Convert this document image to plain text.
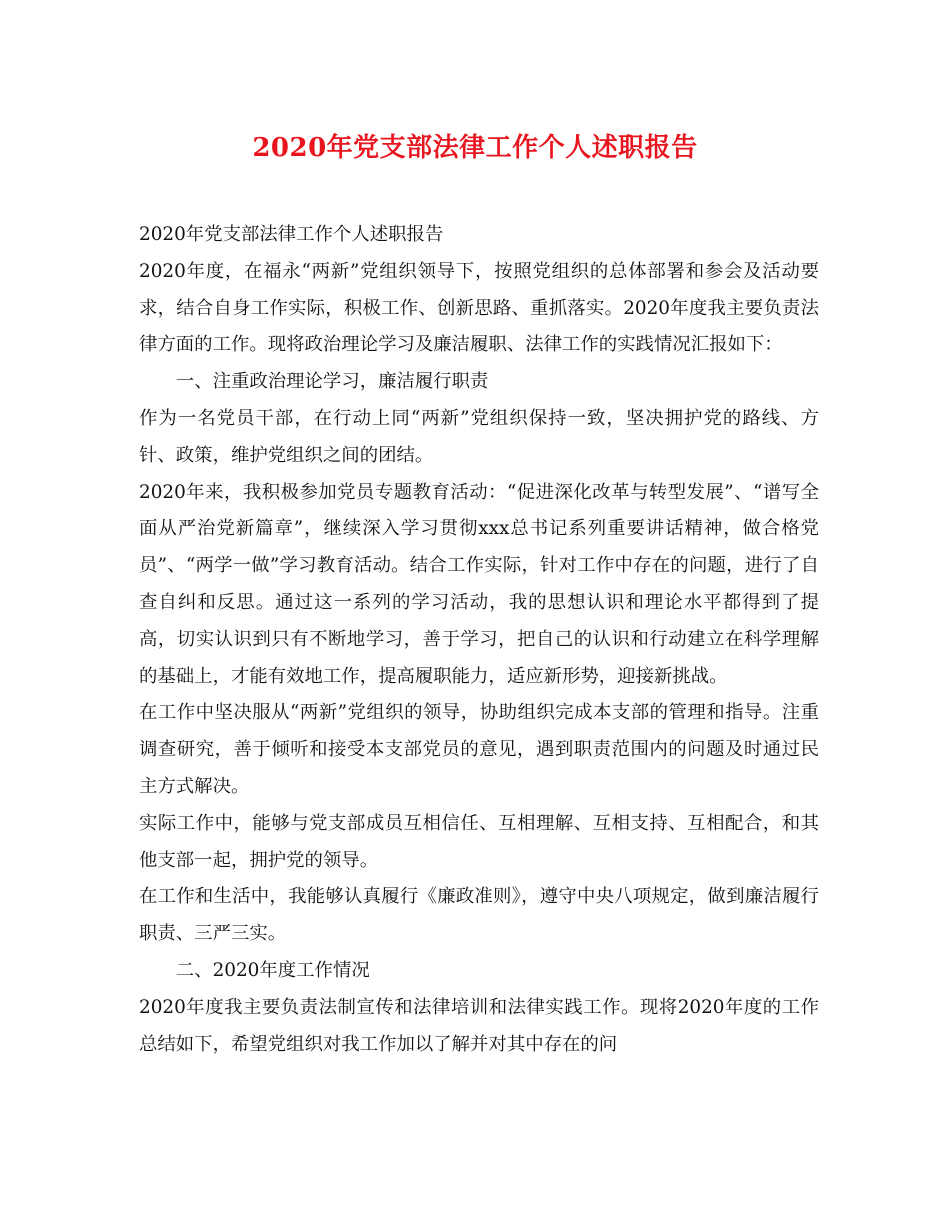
2020年党支部法律工作个人述职报告

2020年党支部法律工作个人述职报告

2020年度，在福永“两新”党组织领导下，按照党组织的总体部署和参会及活动要求，结合自身工作实际，积极工作、创新思路、重抓落实。2020年度我主要负责法律方面的工作。现将政治理论学习及廉洁履职、法律工作的实践情况汇报如下：

一、注重政治理论学习，廉洁履行职责

作为一名党员干部，在行动上同“两新”党组织保持一致，坚决拥护党的路线、方针、政策，维护党组织之间的团结。

2020年来，我积极参加党员专题教育活动：“促进深化改革与转型发展”、“谱写全面从严治党新篇章”，继续深入学习贯彻xxx总书记系列重要讲话精神，做合格党员”、“两学一做”学习教育活动。结合工作实际，针对工作中存在的问题，进行了自查自纠和反思。通过这一系列的学习活动，我的思想认识和理论水平都得到了提高，切实认识到只有不断地学习，善于学习，把自己的认识和行动建立在科学理解的基础上，才能有效地工作，提高履职能力，适应新形势，迎接新挑战。

在工作中坚决服从“两新”党组织的领导，协助组织完成本支部的管理和指导。注重调查研究，善于倾听和接受本支部党员的意见，遇到职责范围内的问题及时通过民主方式解决。

实际工作中，能够与党支部成员互相信任、互相理解、互相支持、互相配合，和其他支部一起，拥护党的领导。

在工作和生活中，我能够认真履行《廉政准则》，遵守中央八项规定，做到廉洁履行职责、三严三实。

二、2020年度工作情况

2020年度我主要负责法制宣传和法律培训和法律实践工作。现将2020年度的工作总结如下，希望党组织对我工作加以了解并对其中存在的问
